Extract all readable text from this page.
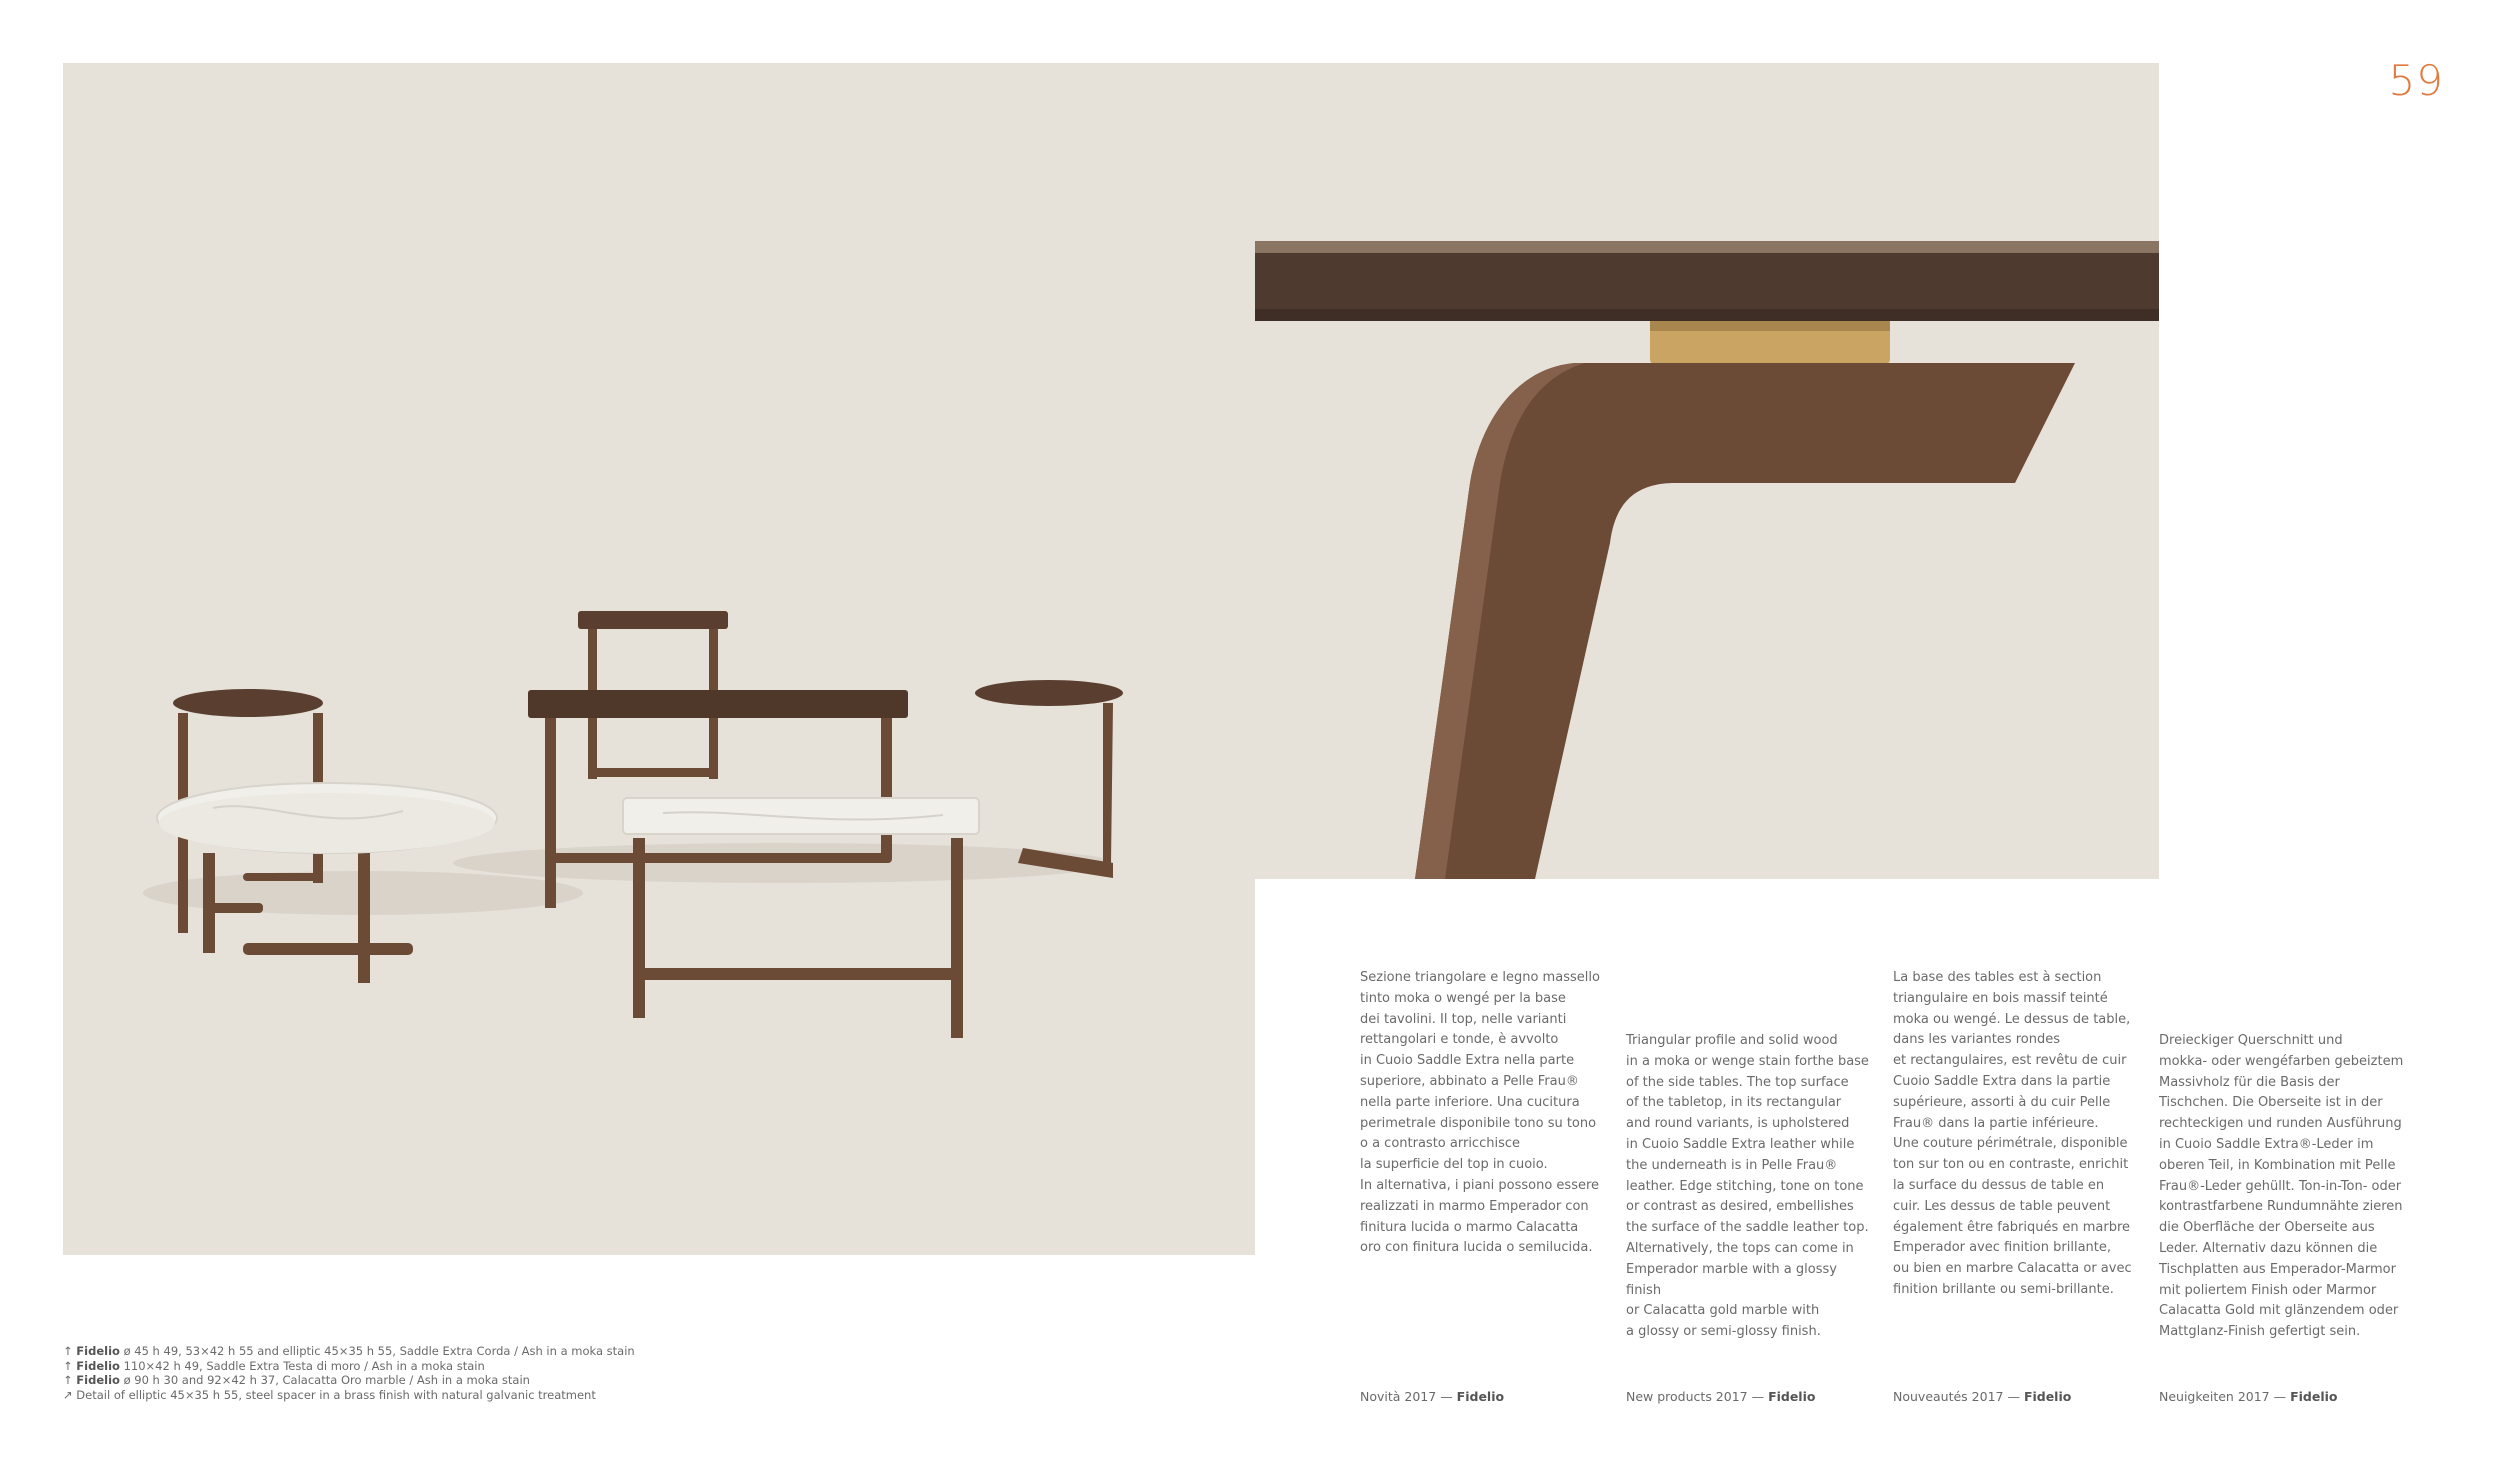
59
Sezione triangolare e legno massello
tinto moka o wengé per la base
dei tavolini. Il top, nelle varianti
rettangolari e tonde, è avvolto
in Cuoio Saddle Extra nella parte
superiore, abbinato a Pelle Frau®
nella parte inferiore. Una cucitura
perimetrale disponibile tono su tono
o a contrasto arricchisce
la superficie del top in cuoio.
In alternativa, i piani possono essere
realizzati in marmo Emperador con
finitura lucida o marmo Calacatta
oro con finitura lucida o semilucida.
Triangular profile and solid wood
in a moka or wenge stain forthe base
of the side tables. The top surface
of the tabletop, in its rectangular
and round variants, is upholstered
in Cuoio Saddle Extra leather while
the underneath is in Pelle Frau®
leather. Edge stitching, tone on tone
or contrast as desired, embellishes
the surface of the saddle leather top.
Alternatively, the tops can come in
Emperador marble with a glossy finish
or Calacatta gold marble with
a glossy or semi-glossy finish.
La base des tables est à section
triangulaire en bois massif teinté
moka ou wengé. Le dessus de table,
dans les variantes rondes
et rectangulaires, est revêtu de cuir
Cuoio Saddle Extra dans la partie
supérieure, assorti à du cuir Pelle
Frau® dans la partie inférieure.
Une couture périmétrale, disponible
ton sur ton ou en contraste, enrichit
la surface du dessus de table en
cuir. Les dessus de table peuvent
également être fabriqués en marbre
Emperador avec finition brillante,
ou bien en marbre Calacatta or avec
finition brillante ou semi-brillante.
Dreieckiger Querschnitt und
mokka- oder wengéfarben gebeiztem
Massivholz für die Basis der
Tischchen. Die Oberseite ist in der
rechteckigen und runden Ausführung
in Cuoio Saddle Extra®-Leder im
oberen Teil, in Kombination mit Pelle
Frau®-Leder gehüllt. Ton-in-Ton- oder
kontrastfarbene Rundumnähte zieren
die Oberfläche der Oberseite aus
Leder. Alternativ dazu können die
Tischplatten aus Emperador-Marmor
mit poliertem Finish oder Marmor
Calacatta Gold mit glänzendem oder
Mattglanz-Finish gefertigt sein.
Novità 2017 — Fidelio	New products 2017 — Fidelio	Nouveautés 2017 — Fidelio	Neuigkeiten 2017 — Fidelio
↑ Fidelio ø 45 h 49, 53×42 h 55 and elliptic 45×35 h 55, Saddle Extra Corda / Ash in a moka stain
↑ Fidelio 110×42 h 49, Saddle Extra Testa di moro / Ash in a moka stain
↑ Fidelio ø 90 h 30 and 92×42 h 37, Calacatta Oro marble / Ash in a moka stain
↗ Detail of elliptic 45×35 h 55, steel spacer in a brass finish with natural galvanic treatment
